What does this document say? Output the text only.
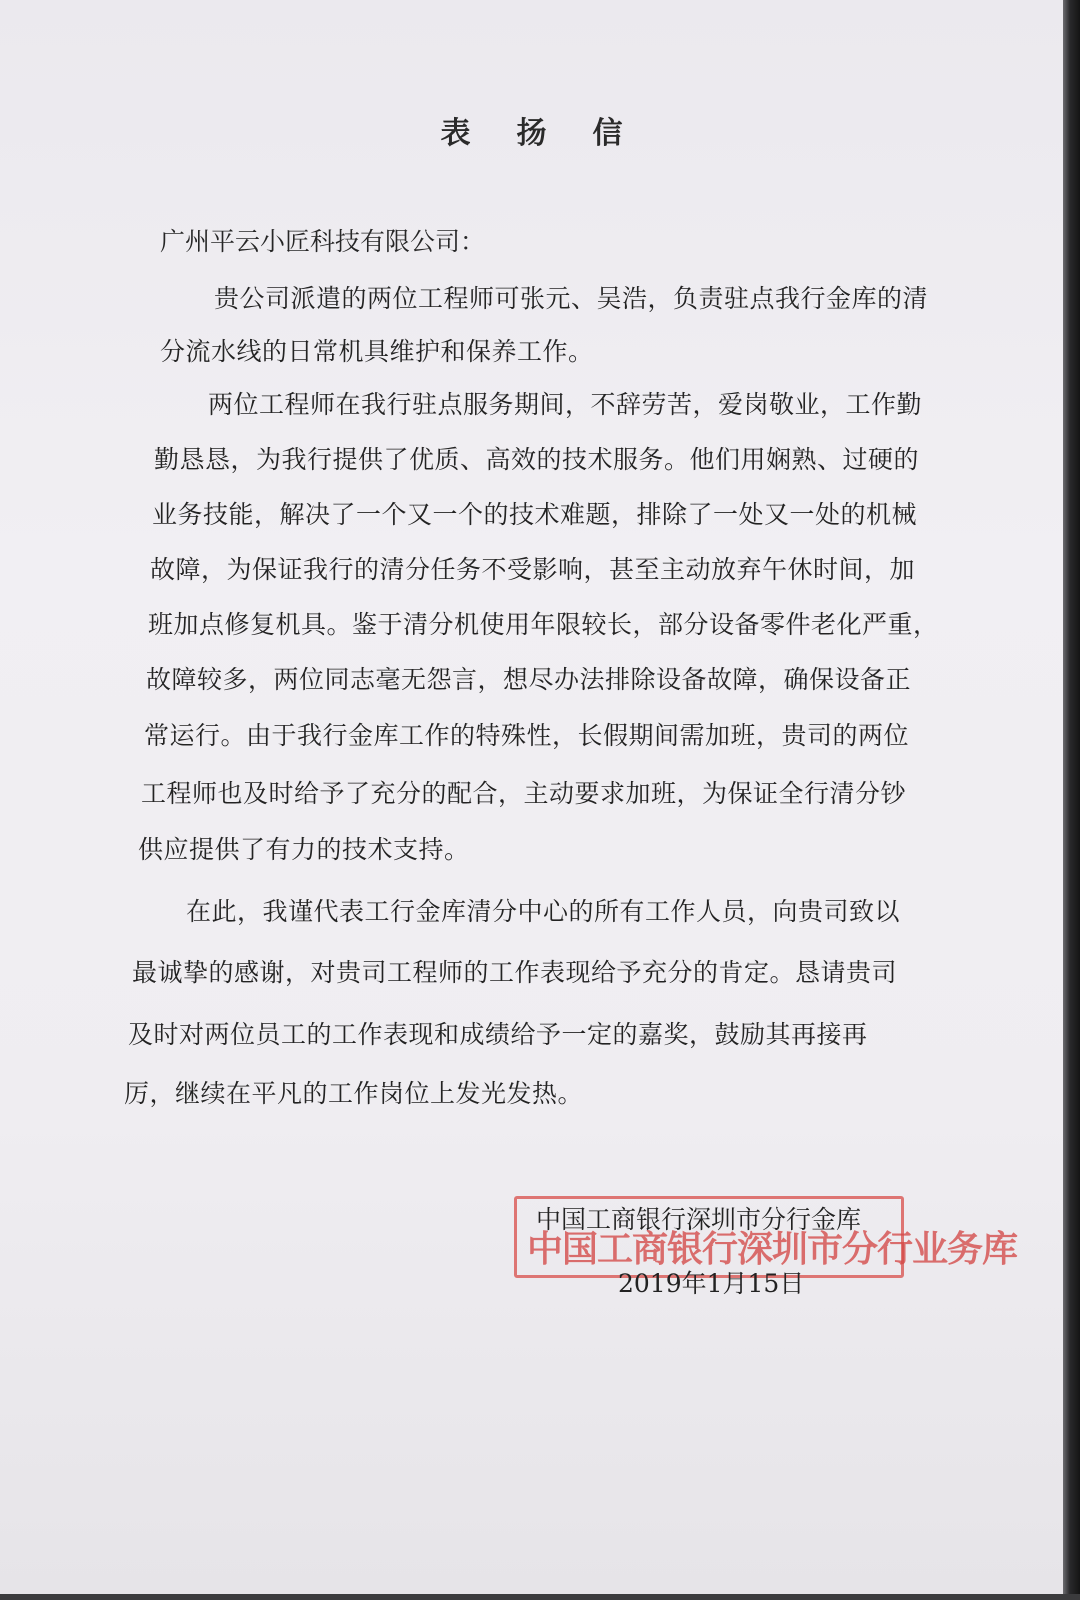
表扬信

广州平云小匠科技有限公司：

贵公司派遣的两位工程师可张元、吴浩，负责驻点我行金库的清

分流水线的日常机具维护和保养工作。

两位工程师在我行驻点服务期间，不辞劳苦，爱岗敬业，工作勤

勤恳恳，为我行提供了优质、高效的技术服务。他们用娴熟、过硬的

业务技能，解决了一个又一个的技术难题，排除了一处又一处的机械

故障，为保证我行的清分任务不受影响，甚至主动放弃午休时间，加

班加点修复机具。鉴于清分机使用年限较长，部分设备零件老化严重，

故障较多，两位同志毫无怨言，想尽办法排除设备故障，确保设备正

常运行。由于我行金库工作的特殊性，长假期间需加班，贵司的两位

工程师也及时给予了充分的配合，主动要求加班，为保证全行清分钞

供应提供了有力的技术支持。

在此，我谨代表工行金库清分中心的所有工作人员，向贵司致以

最诚挚的感谢，对贵司工程师的工作表现给予充分的肯定。恳请贵司

及时对两位员工的工作表现和成绩给予一定的嘉奖，鼓励其再接再

厉，继续在平凡的工作岗位上发光发热。

中国工商银行深圳市分行业务库
中国工商银行深圳市分行金库
2019年1月15日
